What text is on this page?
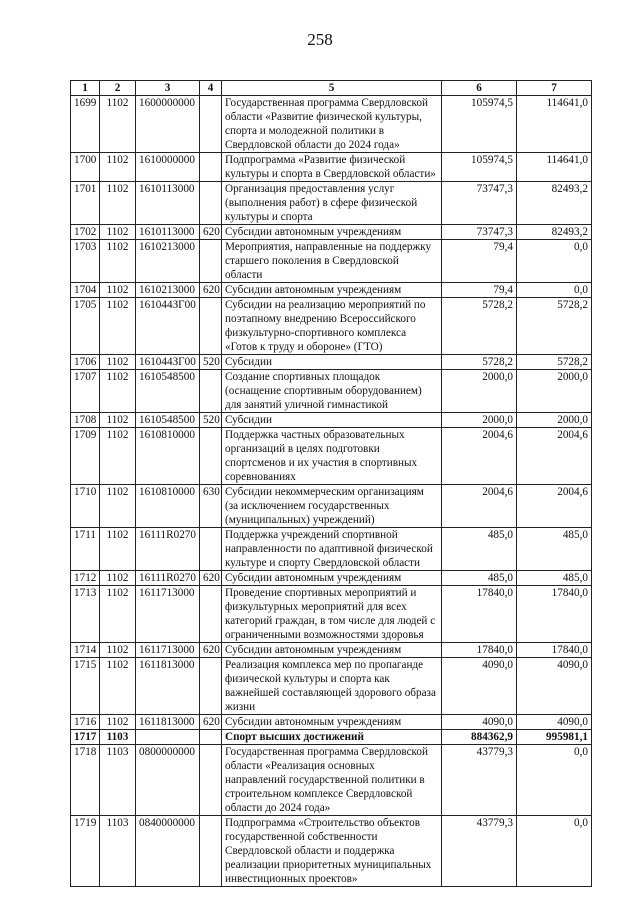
258
1	2	3	4	5	6	7
1699	1102	1600000000		Государственная программа Свердловской области «Развитие физической культуры, спорта и молодежной политики в Свердловской области до 2024 года»	105974,5	114641,0
1700	1102	1610000000		Подпрограмма «Развитие физической культуры и спорта в Свердловской области»	105974,5	114641,0
1701	1102	1610113000		Организация предоставления услуг (выполнения работ) в сфере физической культуры и спорта	73747,3	82493,2
1702	1102	1610113000	620	Субсидии автономным учреждениям	73747,3	82493,2
1703	1102	1610213000		Мероприятия, направленные на поддержку старшего поколения в Свердловской области	79,4	0,0
1704	1102	1610213000	620	Субсидии автономным учреждениям	79,4	0,0
1705	1102	161044ЗГ00		Субсидии на реализацию мероприятий по поэтапному внедрению Всероссийского физкультурно-спортивного комплекса «Готов к труду и обороне» (ГТО)	5728,2	5728,2
1706	1102	161044ЗГ00	520	Субсидии	5728,2	5728,2
1707	1102	1610548500		Создание спортивных площадок (оснащение спортивным оборудованием) для занятий уличной гимнастикой	2000,0	2000,0
1708	1102	1610548500	520	Субсидии	2000,0	2000,0
1709	1102	1610810000		Поддержка частных образовательных организаций в целях подготовки спортсменов и их участия в спортивных соревнованиях	2004,6	2004,6
1710	1102	1610810000	630	Субсидии некоммерческим организациям (за исключением государственных (муниципальных) учреждений)	2004,6	2004,6
1711	1102	16111R0270		Поддержка учреждений спортивной направленности по адаптивной физической культуре и спорту Свердловской области	485,0	485,0
1712	1102	16111R0270	620	Субсидии автономным учреждениям	485,0	485,0
1713	1102	1611713000		Проведение спортивных мероприятий и физкультурных мероприятий для всех категорий граждан, в том числе для людей с ограниченными возможностями здоровья	17840,0	17840,0
1714	1102	1611713000	620	Субсидии автономным учреждениям	17840,0	17840,0
1715	1102	1611813000		Реализация комплекса мер по пропаганде физической культуры и спорта как важнейшей составляющей здорового образа жизни	4090,0	4090,0
1716	1102	1611813000	620	Субсидии автономным учреждениям	4090,0	4090,0
1717	1103			Спорт высших достижений	884362,9	995981,1
1718	1103	0800000000		Государственная программа Свердловской области «Реализация основных направлений государственной политики в строительном комплексе Свердловской области до 2024 года»	43779,3	0,0
1719	1103	0840000000		Подпрограмма «Строительство объектов государственной собственности Свердловской области и поддержка реализации приоритетных муниципальных инвестиционных проектов»	43779,3	0,0
